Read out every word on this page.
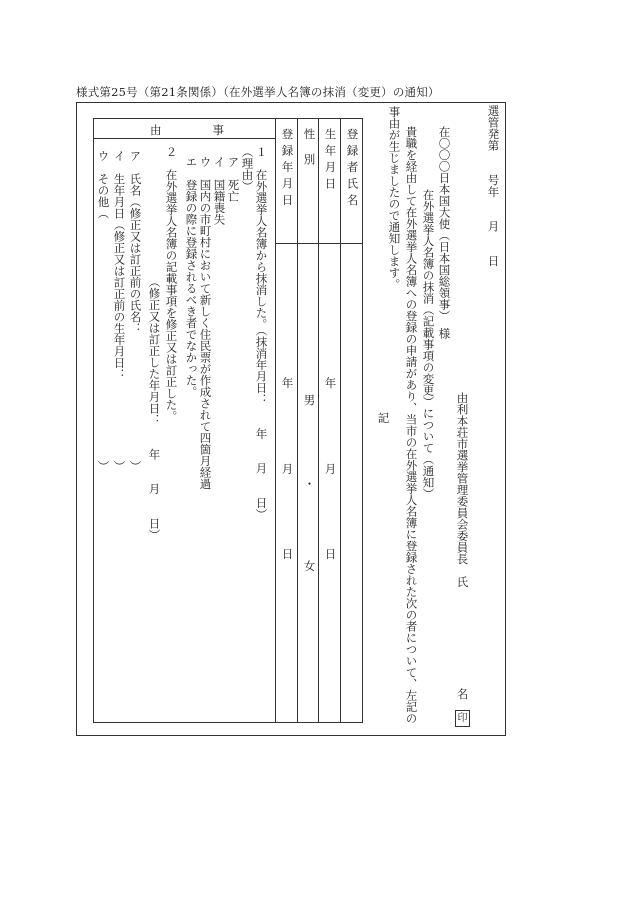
様式第25号（第21条関係）（在外選挙人名簿の抹消（変更）の通知）
選管発第　　号
年　　月　　日
在〇〇〇日本国大使（日本国総領事）　様
由利本荘市選挙管理委員会委員長　氏
名
印
在外選挙人名簿の抹消（記載事項の変更）について（通知）
貴職を経由して在外選挙人名簿への登録の申請があり、当市の在外選挙人名簿に登録された次の者について、左記の
事由が生じましたので通知します。
記
登録者氏名
生年月日
性別
登録年月日
由　　　　事
年
月
日
男
・
女
年
月
日
１　在外選挙人名簿から抹消した。（抹消年月日：　　年　　月　　日）
（理由）
ア　死亡
イ　国籍喪失
ウ　国内の市町村において新しく住民票が作成されて四箇月経過
エ　登録の際に登録されるべき者でなかった。
２　在外選挙人名簿の記載事項を修正又は訂正した。
（修正又は訂正した年月日：　　年　　月　　日）
ア　氏名（修正又は訂正前の氏名：　　　　　　　　　　　）
イ　生年月日（修正又は訂正前の生年月日：　　　　　　　）
ウ　その他（　　　　　　　　　　　　　　　　　　　　　）
